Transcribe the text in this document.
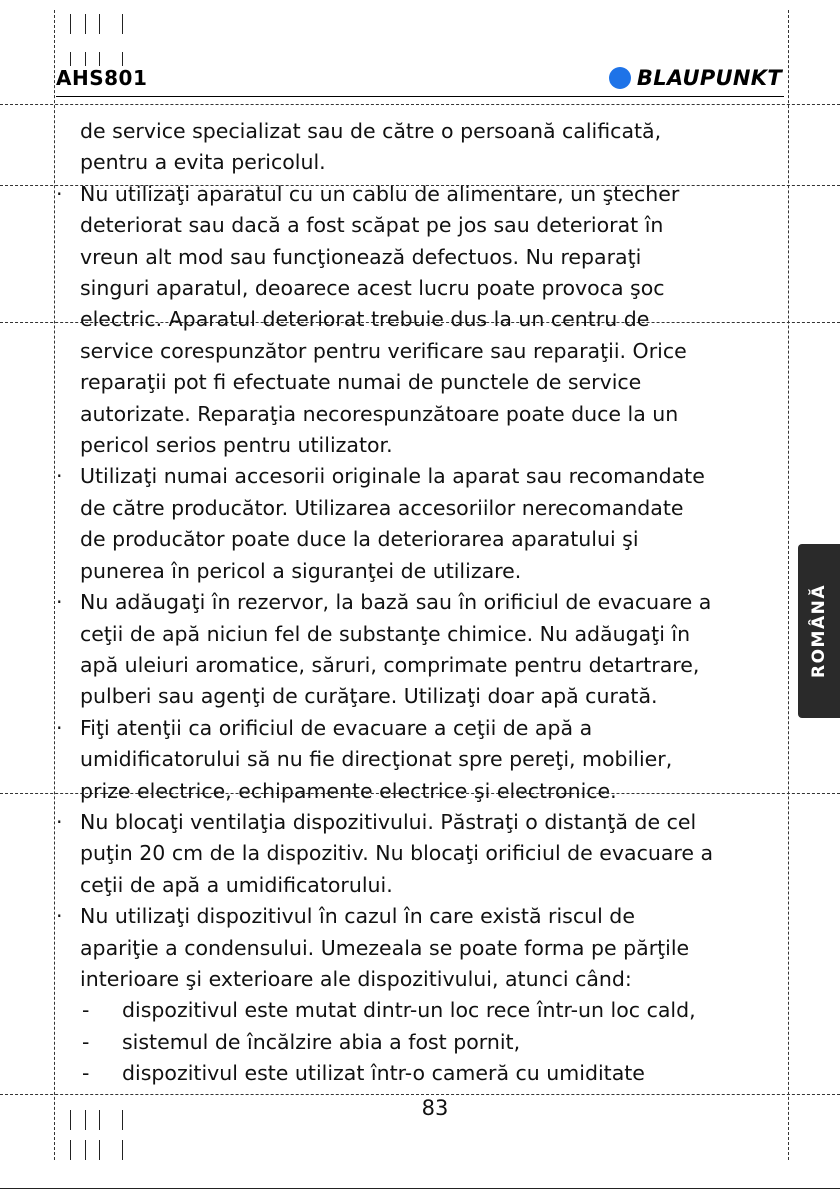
AHS801	BLAUPUNKT
de service specializat sau de către o persoană calificată,
pentru a evita pericolul.
· Nu utilizaţi aparatul cu un cablu de alimentare, un ştecher
deteriorat sau dacă a fost scăpat pe jos sau deteriorat în
vreun alt mod sau funcţionează defectuos. Nu reparaţi
singuri aparatul, deoarece acest lucru poate provoca şoc
electric. Aparatul deteriorat trebuie dus la un centru de
service corespunzător pentru verificare sau reparaţii. Orice
reparaţii pot fi efectuate numai de punctele de service
autorizate. Reparaţia necorespunzătoare poate duce la un
pericol serios pentru utilizator.
· Utilizaţi numai accesorii originale la aparat sau recomandate
de către producător. Utilizarea accesoriilor nerecomandate
de producător poate duce la deteriorarea aparatului şi
punerea în pericol a siguranţei de utilizare.
· Nu adăugaţi în rezervor, la bază sau în orificiul de evacuare a
ceţii de apă niciun fel de substanţe chimice. Nu adăugaţi în
apă uleiuri aromatice, săruri, comprimate pentru detartrare,
pulberi sau agenţi de curăţare. Utilizaţi doar apă curată.
· Fiţi atenţii ca orificiul de evacuare a ceţii de apă a
umidificatorului să nu fie direcţionat spre pereţi, mobilier,
prize electrice, echipamente electrice şi electronice.
· Nu blocaţi ventilaţia dispozitivului. Păstraţi o distanţă de cel
puţin 20 cm de la dispozitiv. Nu blocaţi orificiul de evacuare a
ceţii de apă a umidificatorului.
· Nu utilizaţi dispozitivul în cazul în care există riscul de
apariţie a condensului. Umezeala se poate forma pe părţile
interioare şi exterioare ale dispozitivului, atunci când:
- dispozitivul este mutat dintr-un loc rece într-un loc cald,
- sistemul de încălzire abia a fost pornit,
- dispozitivul este utilizat într-o cameră cu umiditate
ROMÂNĂ
83
